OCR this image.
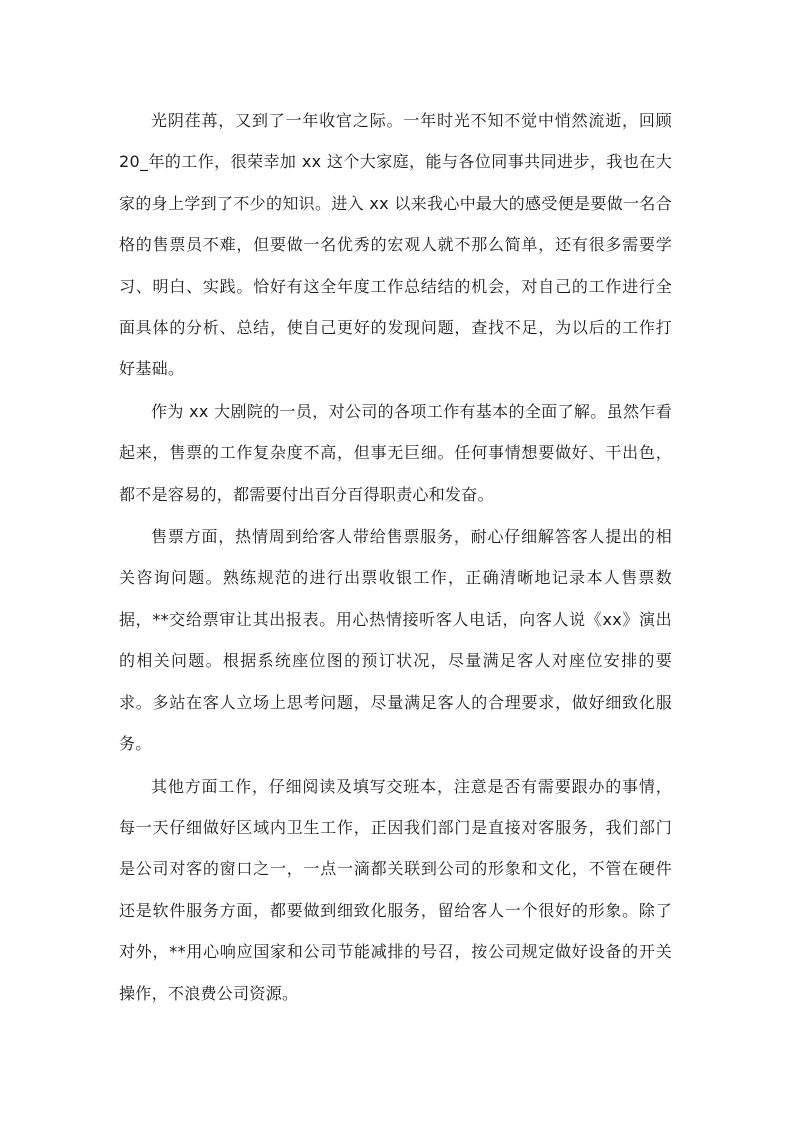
光阴荏苒，又到了一年收官之际。一年时光不知不觉中悄然流逝，回顾 20_年的工作，很荣幸加 xx 这个大家庭，能与各位同事共同进步，我也在大家的身上学到了不少的知识。进入 xx 以来我心中最大的感受便是要做一名合格的售票员不难，但要做一名优秀的宏观人就不那么简单，还有很多需要学习、明白、实践。恰好有这全年度工作总结结的机会，对自己的工作进行全面具体的分析、总结，使自己更好的发现问题，查找不足，为以后的工作打好基础。

作为 xx 大剧院的一员，对公司的各项工作有基本的全面了解。虽然乍看起来，售票的工作复杂度不高，但事无巨细。任何事情想要做好、干出色，都不是容易的，都需要付出百分百得职责心和发奋。

售票方面，热情周到给客人带给售票服务，耐心仔细解答客人提出的相关咨询问题。熟练规范的进行出票收银工作，正确清晰地记录本人售票数据，**交给票审让其出报表。用心热情接听客人电话，向客人说《xx》演出的相关问题。根据系统座位图的预订状况，尽量满足客人对座位安排的要求。多站在客人立场上思考问题，尽量满足客人的合理要求，做好细致化服务。

其他方面工作，仔细阅读及填写交班本，注意是否有需要跟办的事情，每一天仔细做好区域内卫生工作，正因我们部门是直接对客服务，我们部门是公司对客的窗口之一，一点一滴都关联到公司的形象和文化，不管在硬件还是软件服务方面，都要做到细致化服务，留给客人一个很好的形象。除了对外，**用心响应国家和公司节能减排的号召，按公司规定做好设备的开关操作，不浪费公司资源。
